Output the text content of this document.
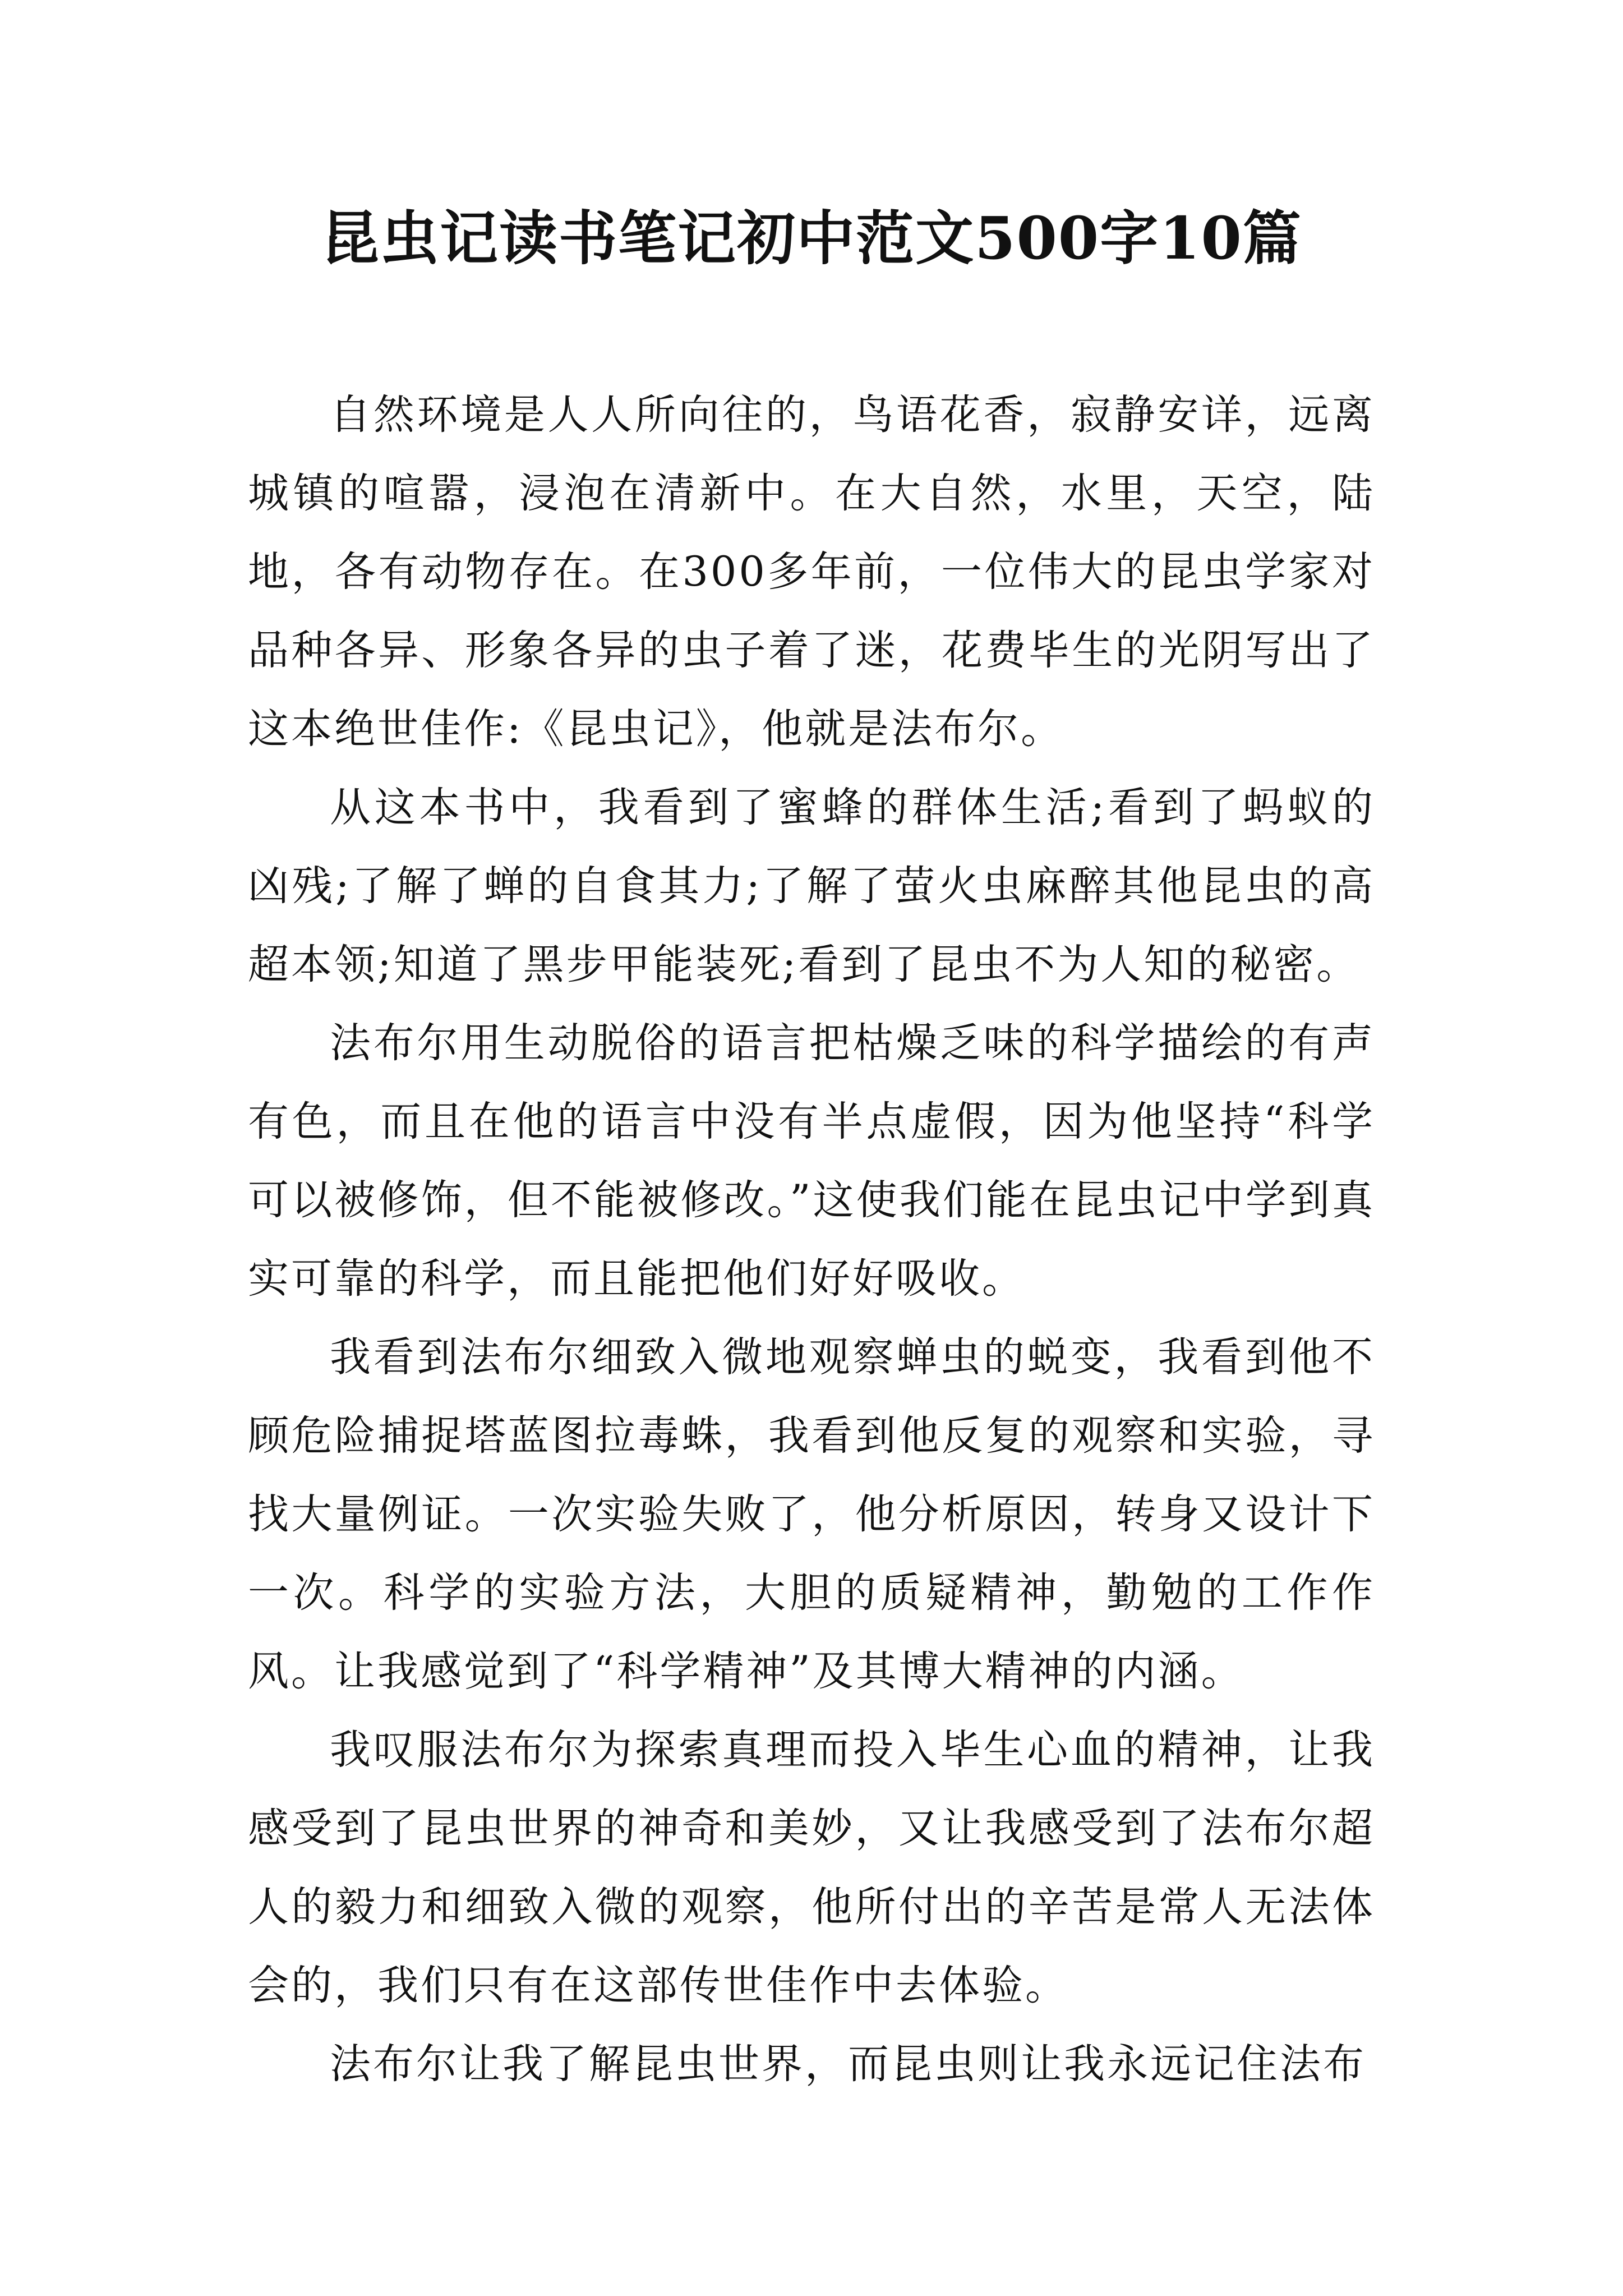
昆虫记读书笔记初中范文500字10篇

自然环境是人人所向往的，鸟语花香，寂静安详，远离城镇的喧嚣，浸泡在清新中。在大自然，水里，天空，陆地，各有动物存在。在300多年前，一位伟大的昆虫学家对品种各异、形象各异的虫子着了迷，花费毕生的光阴写出了这本绝世佳作:《昆虫记》，他就是法布尔。

从这本书中，我看到了蜜蜂的群体生活;看到了蚂蚁的凶残;了解了蝉的自食其力;了解了萤火虫麻醉其他昆虫的高超本领;知道了黑步甲能装死;看到了昆虫不为人知的秘密。

法布尔用生动脱俗的语言把枯燥乏味的科学描绘的有声有色，而且在他的语言中没有半点虚假，因为他坚持“科学可以被修饰，但不能被修改。”这使我们能在昆虫记中学到真实可靠的科学，而且能把他们好好吸收。

我看到法布尔细致入微地观察蝉虫的蜕变，我看到他不顾危险捕捉塔蓝图拉毒蛛，我看到他反复的观察和实验，寻找大量例证。一次实验失败了，他分析原因，转身又设计下一次。科学的实验方法，大胆的质疑精神，勤勉的工作作风。让我感觉到了“科学精神”及其博大精神的内涵。

我叹服法布尔为探索真理而投入毕生心血的精神，让我感受到了昆虫世界的神奇和美妙，又让我感受到了法布尔超人的毅力和细致入微的观察，他所付出的辛苦是常人无法体会的，我们只有在这部传世佳作中去体验。

法布尔让我了解昆虫世界，而昆虫则让我永远记住法布
